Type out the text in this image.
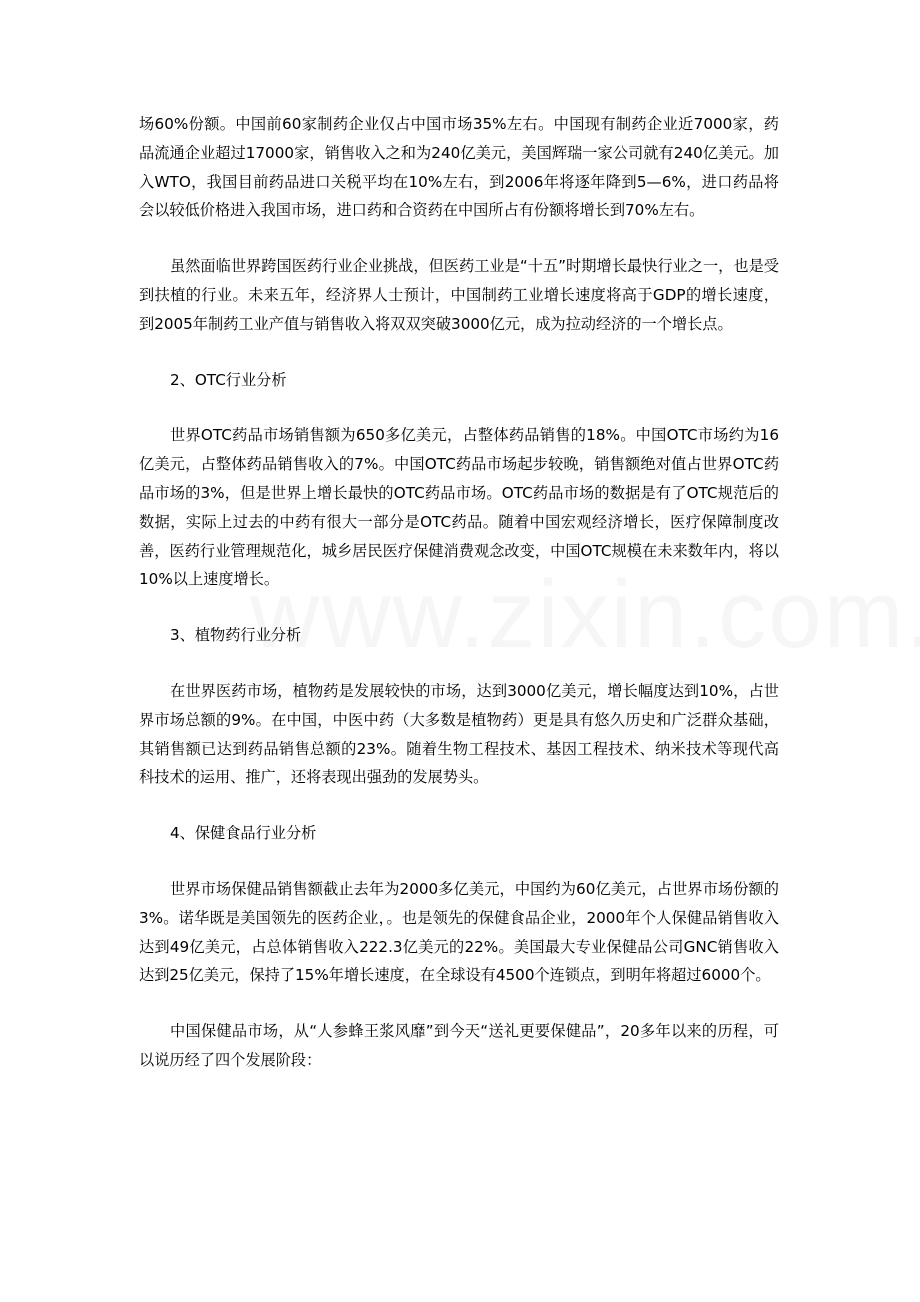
场60%份额。中国前60家制药企业仅占中国市场35%左右。中国现有制药企业近7000家，药品流通企业超过17000家，销售收入之和为240亿美元，美国辉瑞一家公司就有240亿美元。加入WTO，我国目前药品进口关税平均在10%左右，到2006年将逐年降到5—6%，进口药品将会以较低价格进入我国市场，进口药和合资药在中国所占有份额将增长到70%左右。

虽然面临世界跨国医药行业企业挑战，但医药工业是“十五”时期增长最快行业之一，也是受到扶植的行业。未来五年，经济界人士预计，中国制药工业增长速度将高于GDP的增长速度，到2005年制药工业产值与销售收入将双双突破3000亿元，成为拉动经济的一个增长点。

2、OTC行业分析

世界OTC药品市场销售额为650多亿美元，占整体药品销售的18%。中国OTC市场约为16亿美元，占整体药品销售收入的7%。中国OTC药品市场起步较晚，销售额绝对值占世界OTC药品市场的3%，但是世界上增长最快的OTC药品市场。OTC药品市场的数据是有了OTC规范后的数据，实际上过去的中药有很大一部分是OTC药品。随着中国宏观经济增长，医疗保障制度改善，医药行业管理规范化，城乡居民医疗保健消费观念改变，中国OTC规模在未来数年内，将以10%以上速度增长。

3、植物药行业分析

在世界医药市场，植物药是发展较快的市场，达到3000亿美元，增长幅度达到10%，占世界市场总额的9%。在中国，中医中药（大多数是植物药）更是具有悠久历史和广泛群众基础，其销售额已达到药品销售总额的23%。随着生物工程技术、基因工程技术、纳米技术等现代高科技术的运用、推广，还将表现出强劲的发展势头。

4、保健食品行业分析

世界市场保健品销售额截止去年为2000多亿美元，中国约为60亿美元，占世界市场份额的3%。诺华既是美国领先的医药企业，。也是领先的保健食品企业，2000年个人保健品销售收入达到49亿美元，占总体销售收入222.3亿美元的22%。美国最大专业保健品公司GNC销售收入达到25亿美元，保持了15%年增长速度，在全球设有4500个连锁点，到明年将超过6000个。

中国保健品市场，从“人参蜂王浆风靡”到今天“送礼更要保健品”，20多年以来的历程，可以说历经了四个发展阶段：
